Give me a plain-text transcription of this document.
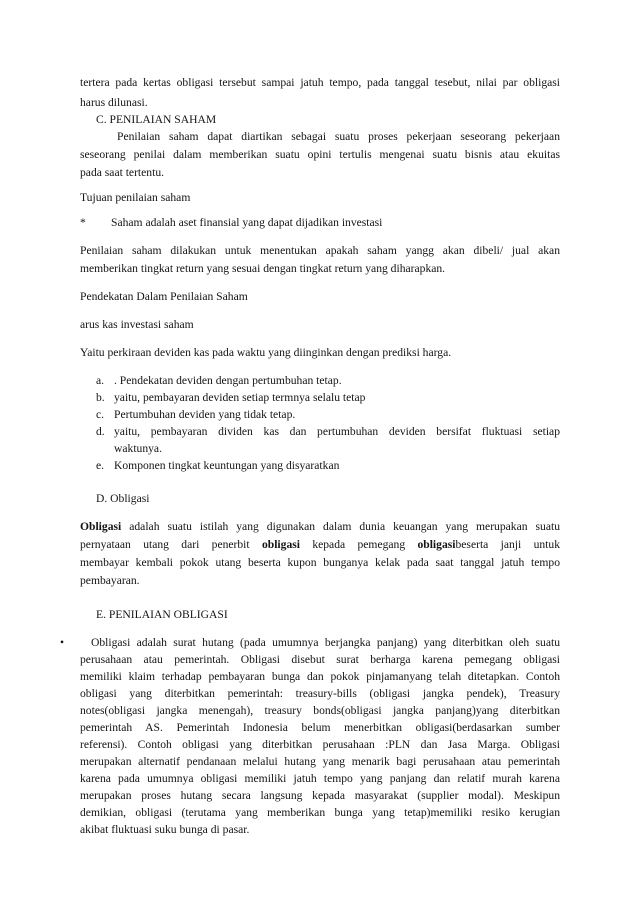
tertera pada kertas obligasi tersebut sampai jatuh tempo, pada tanggal tesebut, nilai par obligasi

harus dilunasi.

C. PENILAIAN SAHAM

Penilaian saham dapat diartikan sebagai suatu proses pekerjaan seseorang pekerjaan

seseorang penilai dalam memberikan suatu opini tertulis mengenai suatu bisnis atau ekuitas

pada saat tertentu.

Tujuan penilaian saham

* Saham adalah aset finansial yang dapat dijadikan investasi

Penilaian saham dilakukan untuk menentukan apakah saham yangg akan dibeli/ jual akan

memberikan tingkat return yang sesuai dengan tingkat return yang diharapkan.

Pendekatan Dalam Penilaian Saham

arus kas investasi saham

Yaitu perkiraan deviden kas pada waktu yang diinginkan dengan prediksi harga.

a. . Pendekatan deviden dengan pertumbuhan tetap.
b. yaitu, pembayaran deviden setiap termnya selalu tetap
c. Pertumbuhan deviden yang tidak tetap.
d. yaitu, pembayaran dividen kas dan pertumbuhan deviden bersifat fluktuasi setiap
waktunya.
e. Komponen tingkat keuntungan yang disyaratkan

D. Obligasi

Obligasi adalah suatu istilah yang digunakan dalam dunia keuangan yang merupakan suatu

pernyataan utang dari penerbit obligasi kepada pemegang obligasibeserta janji untuk

membayar kembali pokok utang beserta kupon bunganya kelak pada saat tanggal jatuh tempo

pembayaran.

E. PENILAIAN OBLIGASI

• Obligasi adalah surat hutang (pada umumnya berjangka panjang) yang diterbitkan oleh suatu

perusahaan atau pemerintah. Obligasi disebut surat berharga karena pemegang obligasi

memiliki klaim terhadap pembayaran bunga dan pokok pinjamanyang telah ditetapkan. Contoh

obligasi yang diterbitkan pemerintah: treasury-bills (obligasi jangka pendek), Treasury

notes(obligasi jangka menengah), treasury bonds(obligasi jangka panjang)yang diterbitkan

pemerintah AS. Pemerintah Indonesia belum menerbitkan obligasi(berdasarkan sumber

referensi). Contoh obligasi yang diterbitkan perusahaan :PLN dan Jasa Marga. Obligasi

merupakan alternatif pendanaan melalui hutang yang menarik bagi perusahaan atau pemerintah

karena pada umumnya obligasi memiliki jatuh tempo yang panjang dan relatif murah karena

merupakan proses hutang secara langsung kepada masyarakat (supplier modal). Meskipun

demikian, obligasi (terutama yang memberikan bunga yang tetap)memiliki resiko kerugian

akibat fluktuasi suku bunga di pasar.
